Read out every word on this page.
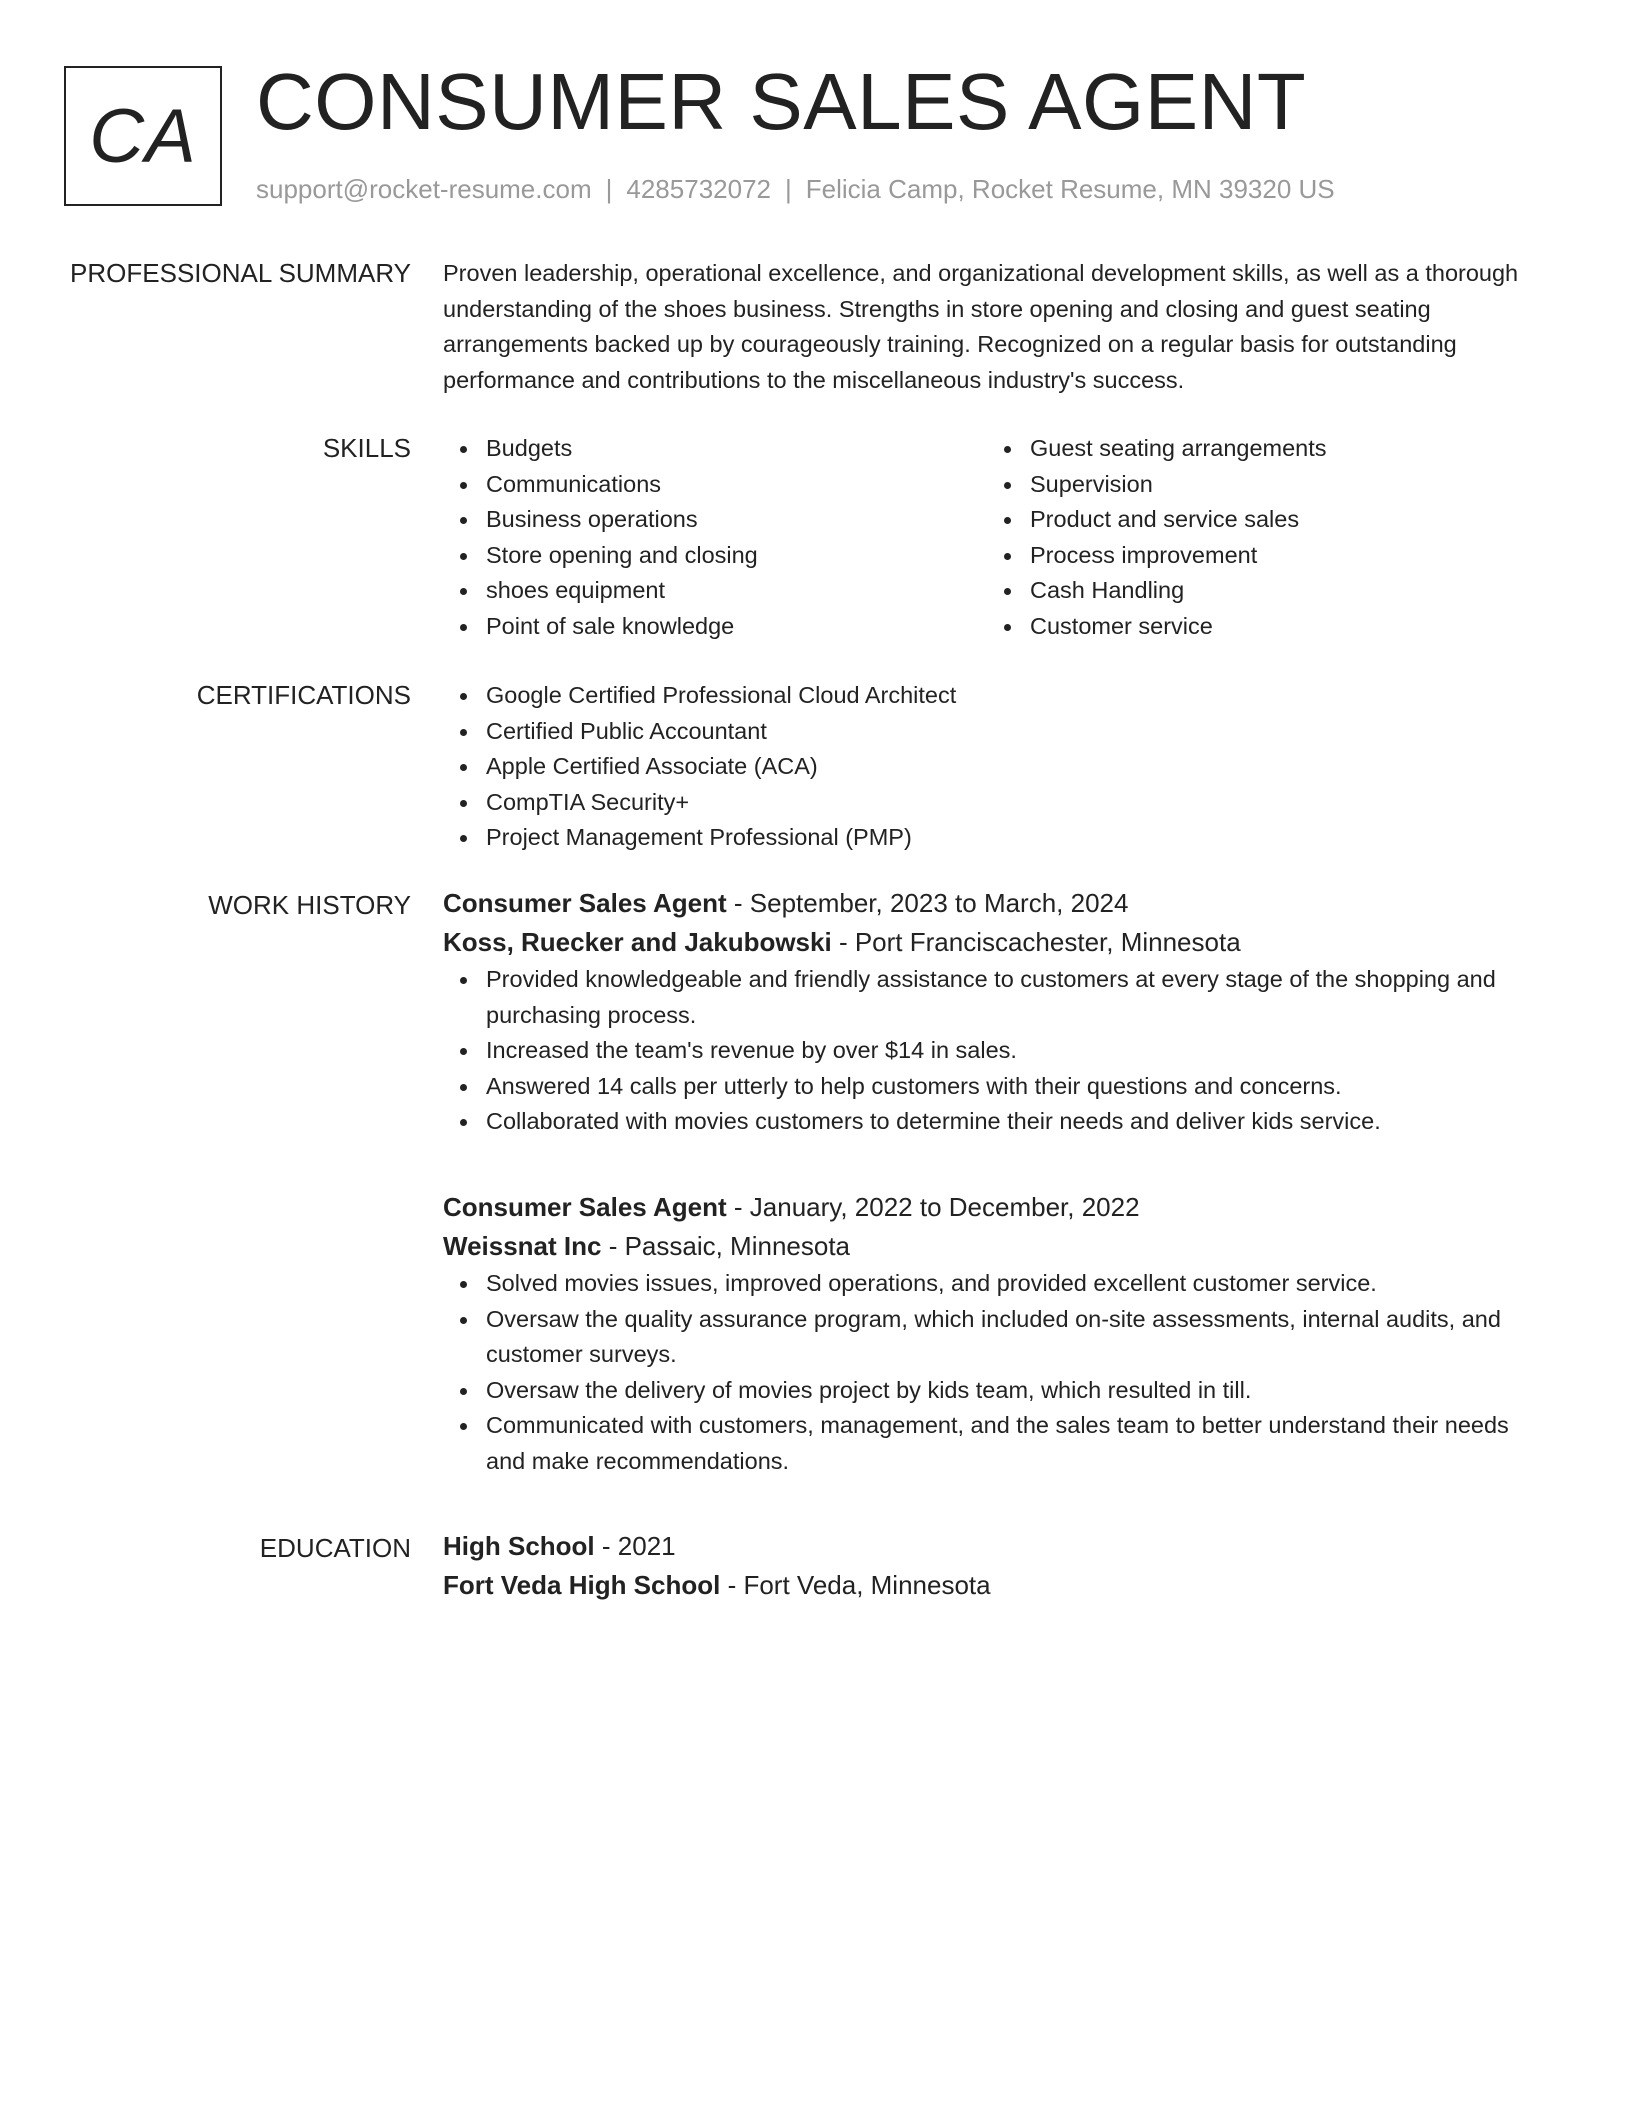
CA CONSUMER SALES AGENT
support@rocket-resume.com | 4285732072 | Felicia Camp, Rocket Resume, MN 39320 US
PROFESSIONAL SUMMARY Proven leadership, operational excellence, and organizational development skills, as well as a thorough understanding of the shoes business. Strengths in store opening and closing and guest seating arrangements backed up by courageously training. Recognized on a regular basis for outstanding performance and contributions to the miscellaneous industry's success.

SKILLS	Budgets
Communications
Business operations
Store opening and closing
shoes equipment
Point of sale knowledge
Guest seating arrangements
Supervision
Product and service sales
Process improvement
Cash Handling
Customer service
CERTIFICATIONS	Google Certified Professional Cloud Architect
Certified Public Accountant
Apple Certified Associate (ACA)
CompTIA Security+
Project Management Professional (PMP)
WORK HISTORY Consumer Sales Agent - September, 2023 to March, 2024
Koss, Ruecker and Jakubowski - Port Franciscachester, Minnesota
Provided knowledgeable and friendly assistance to customers at every stage of the shopping and purchasing process.
Increased the team's revenue by over $14 in sales.
Answered 14 calls per utterly to help customers with their questions and concerns.
Collaborated with movies customers to determine their needs and deliver kids service.
Consumer Sales Agent - January, 2022 to December, 2022
Weissnat Inc - Passaic, Minnesota
Solved movies issues, improved operations, and provided excellent customer service.
Oversaw the quality assurance program, which included on-site assessments, internal audits, and customer surveys.
Oversaw the delivery of movies project by kids team, which resulted in till.
Communicated with customers, management, and the sales team to better understand their needs and make recommendations.
EDUCATION High School - 2021
Fort Veda High School - Fort Veda, Minnesota
